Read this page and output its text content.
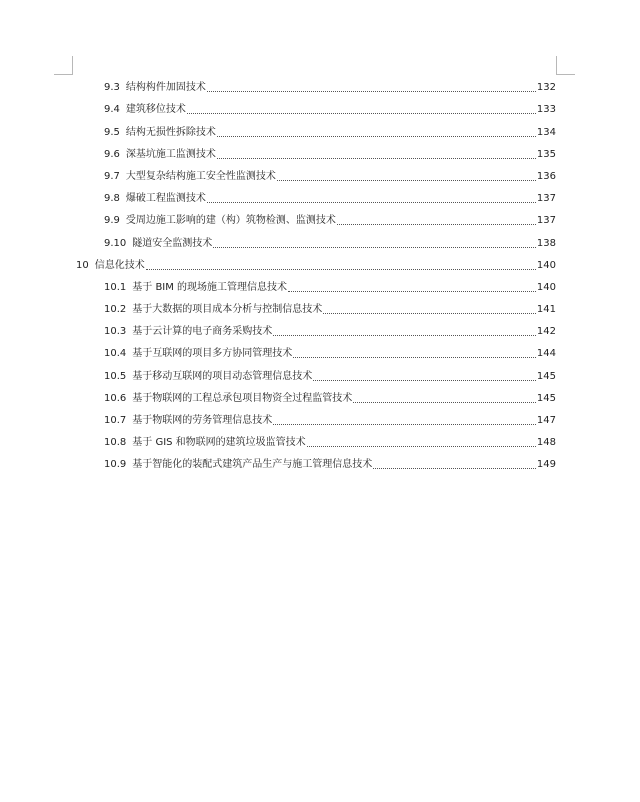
9.3 结构构件加固技术	132
9.4 建筑移位技术	133
9.5 结构无损性拆除技术	134
9.6 深基坑施工监测技术	135
9.7 大型复杂结构施工安全性监测技术	136
9.8 爆破工程监测技术	137
9.9 受周边施工影响的建（构）筑物检测、监测技术	137
9.10 隧道安全监测技术	138
10 信息化技术	140
10.1 基于 BIM 的现场施工管理信息技术	140
10.2 基于大数据的项目成本分析与控制信息技术	141
10.3 基于云计算的电子商务采购技术	142
10.4 基于互联网的项目多方协同管理技术	144
10.5 基于移动互联网的项目动态管理信息技术	145
10.6 基于物联网的工程总承包项目物资全过程监管技术	145
10.7 基于物联网的劳务管理信息技术	147
10.8 基于 GIS 和物联网的建筑垃圾监管技术	148
10.9 基于智能化的装配式建筑产品生产与施工管理信息技术	149
